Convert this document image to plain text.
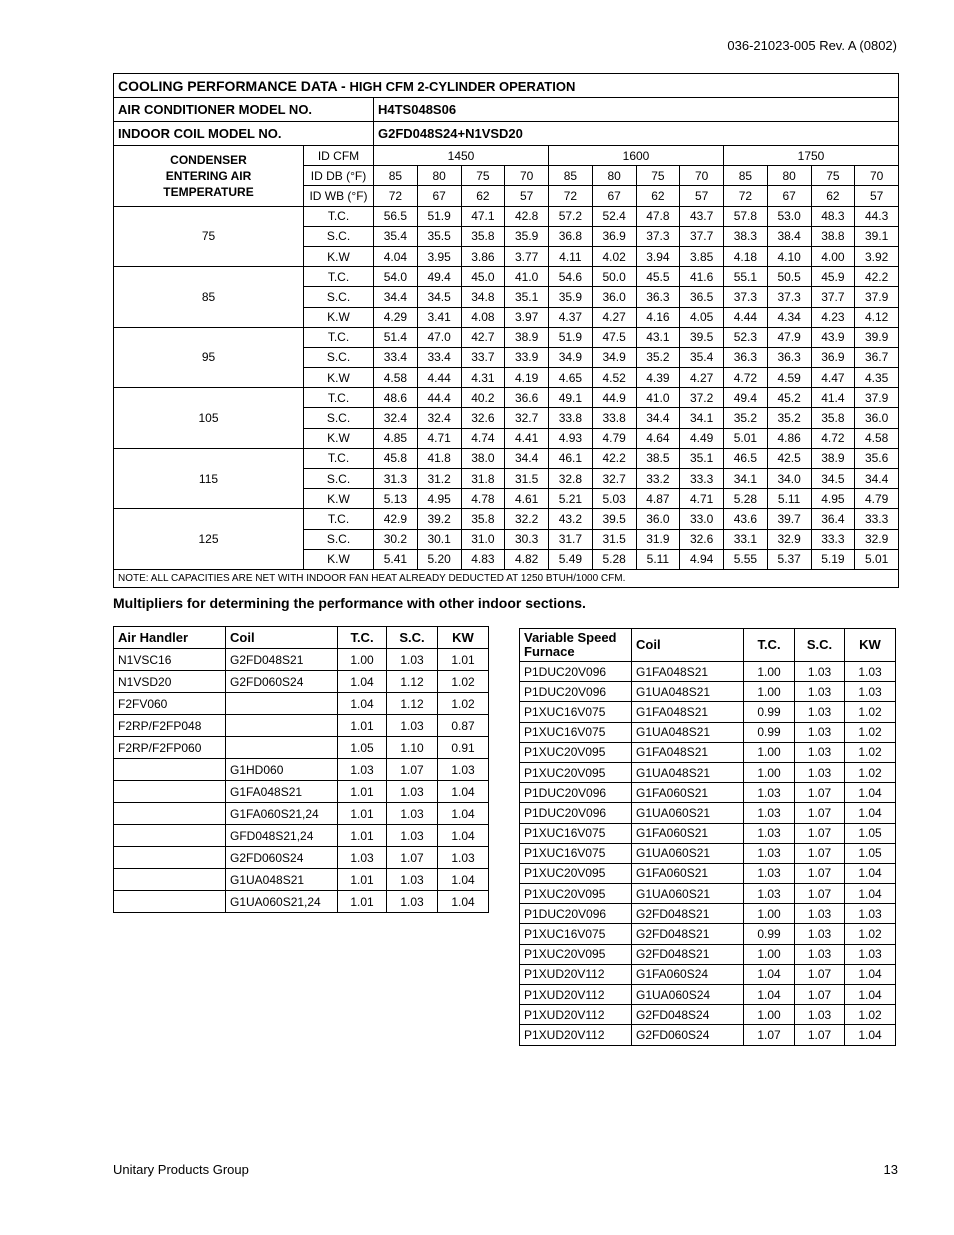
036-21023-005 Rev. A (0802)
COOLING PERFORMANCE DATA - HIGH CFM 2-CYLINDER OPERATION													
AIR CONDITIONER MODEL NO.		H4TS048S06											
INDOOR COIL MODEL NO.		G2FD048S24+N1VSD20											
CONDENSER
ENTERING AIR
TEMPERATURE	ID CFM	1450				1600				1750			
	ID DB (°F)	85	80	75	70	85	80	75	70	85	80	75	70
	ID WB (°F)	72	67	62	57	72	67	62	57	72	67	62	57
75	T.C.	56.5	51.9	47.1	42.8	57.2	52.4	47.8	43.7	57.8	53.0	48.3	44.3
	S.C.	35.4	35.5	35.8	35.9	36.8	36.9	37.3	37.7	38.3	38.4	38.8	39.1
	K.W	4.04	3.95	3.86	3.77	4.11	4.02	3.94	3.85	4.18	4.10	4.00	3.92
85	T.C.	54.0	49.4	45.0	41.0	54.6	50.0	45.5	41.6	55.1	50.5	45.9	42.2
	S.C.	34.4	34.5	34.8	35.1	35.9	36.0	36.3	36.5	37.3	37.3	37.7	37.9
	K.W	4.29	3.41	4.08	3.97	4.37	4.27	4.16	4.05	4.44	4.34	4.23	4.12
95	T.C.	51.4	47.0	42.7	38.9	51.9	47.5	43.1	39.5	52.3	47.9	43.9	39.9
	S.C.	33.4	33.4	33.7	33.9	34.9	34.9	35.2	35.4	36.3	36.3	36.9	36.7
	K.W	4.58	4.44	4.31	4.19	4.65	4.52	4.39	4.27	4.72	4.59	4.47	4.35
105	T.C.	48.6	44.4	40.2	36.6	49.1	44.9	41.0	37.2	49.4	45.2	41.4	37.9
	S.C.	32.4	32.4	32.6	32.7	33.8	33.8	34.4	34.1	35.2	35.2	35.8	36.0
	K.W	4.85	4.71	4.74	4.41	4.93	4.79	4.64	4.49	5.01	4.86	4.72	4.58
115	T.C.	45.8	41.8	38.0	34.4	46.1	42.2	38.5	35.1	46.5	42.5	38.9	35.6
	S.C.	31.3	31.2	31.8	31.5	32.8	32.7	33.2	33.3	34.1	34.0	34.5	34.4
	K.W	5.13	4.95	4.78	4.61	5.21	5.03	4.87	4.71	5.28	5.11	4.95	4.79
125	T.C.	42.9	39.2	35.8	32.2	43.2	39.5	36.0	33.0	43.6	39.7	36.4	33.3
	S.C.	30.2	30.1	31.0	30.3	31.7	31.5	31.9	32.6	33.1	32.9	33.3	32.9
	K.W	5.41	5.20	4.83	4.82	5.49	5.28	5.11	4.94	5.55	5.37	5.19	5.01
NOTE: ALL CAPACITIES ARE NET WITH INDOOR FAN HEAT ALREADY DEDUCTED AT 1250 BTUH/1000 CFM.													
Multipliers for determining the performance with other indoor sections.
Air Handler	Coil	T.C.	S.C.	KW
N1VSC16	G2FD048S21	1.00	1.03	1.01
N1VSD20	G2FD060S24	1.04	1.12	1.02
F2FV060		1.04	1.12	1.02
F2RP/F2FP048		1.01	1.03	0.87
F2RP/F2FP060		1.05	1.10	0.91
	G1HD060	1.03	1.07	1.03
	G1FA048S21	1.01	1.03	1.04
	G1FA060S21,24	1.01	1.03	1.04
	GFD048S21,24	1.01	1.03	1.04
	G2FD060S24	1.03	1.07	1.03
	G1UA048S21	1.01	1.03	1.04
	G1UA060S21,24	1.01	1.03	1.04
Variable Speed
Furnace	Coil	T.C.	S.C.	KW
P1DUC20V096	G1FA048S21	1.00	1.03	1.03
P1DUC20V096	G1UA048S21	1.00	1.03	1.03
P1XUC16V075	G1FA048S21	0.99	1.03	1.02
P1XUC16V075	G1UA048S21	0.99	1.03	1.02
P1XUC20V095	G1FA048S21	1.00	1.03	1.02
P1XUC20V095	G1UA048S21	1.00	1.03	1.02
P1DUC20V096	G1FA060S21	1.03	1.07	1.04
P1DUC20V096	G1UA060S21	1.03	1.07	1.04
P1XUC16V075	G1FA060S21	1.03	1.07	1.05
P1XUC16V075	G1UA060S21	1.03	1.07	1.05
P1XUC20V095	G1FA060S21	1.03	1.07	1.04
P1XUC20V095	G1UA060S21	1.03	1.07	1.04
P1DUC20V096	G2FD048S21	1.00	1.03	1.03
P1XUC16V075	G2FD048S21	0.99	1.03	1.02
P1XUC20V095	G2FD048S21	1.00	1.03	1.03
P1XUD20V112	G1FA060S24	1.04	1.07	1.04
P1XUD20V112	G1UA060S24	1.04	1.07	1.04
P1XUD20V112	G2FD048S24	1.00	1.03	1.02
P1XUD20V112	G2FD060S24	1.07	1.07	1.04
Unitary Products Group	13
